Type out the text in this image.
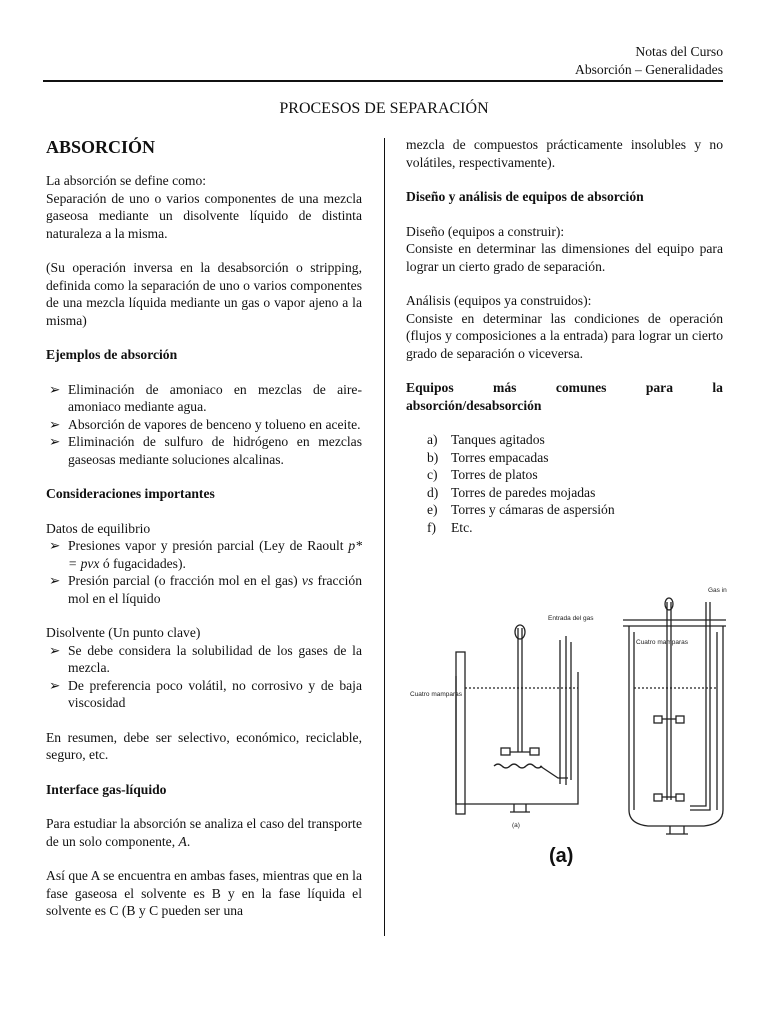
Notas del Curso
Absorción – Generalidades
PROCESOS DE SEPARACIÓN
ABSORCIÓN

La absorción se define como:

Separación de uno o varios componentes de una mezcla gaseosa mediante un disolvente líquido de distinta naturaleza a la misma.

(Su operación inversa en la desabsorción o stripping, definida como la separación de uno o varios componentes de una mezcla líquida mediante un gas o vapor ajeno a la misma)

Ejemplos de absorción

➢ Eliminación de amoniaco en mezclas de aire-amoniaco mediante agua.
➢ Absorción de vapores de benceno y tolueno en aceite.
➢ Eliminación de sulfuro de hidrógeno en mezclas gaseosas mediante soluciones alcalinas.

Consideraciones importantes

Datos de equilibrio

➢ Presiones vapor y presión parcial (Ley de Raoult p* = pvx ó fugacidades).
➢ Presión parcial (o fracción mol en el gas) vs fracción mol en el líquido

Disolvente (Un punto clave)

➢ Se debe considera la solubilidad de los gases de la mezcla.
➢ De preferencia poco volátil, no corrosivo y de baja viscosidad

En resumen, debe ser selectivo, económico, reciclable, seguro, etc.

Interface gas-líquido

Para estudiar la absorción se analiza el caso del transporte de un solo componente, A.

Así que A se encuentra en ambas fases, mientras que en la fase gaseosa el solvente es B y en la fase líquida el solvente es C (B y C pueden ser una

mezcla de compuestos prácticamente insolubles y no volátiles, respectivamente).

Diseño y análisis de equipos de absorción

Diseño (equipos a construir):

Consiste en determinar las dimensiones del equipo para lograr un cierto grado de separación.

Análisis (equipos ya construidos):

Consiste en determinar las condiciones de operación (flujos y composiciones a la entrada) para lograr un cierto grado de separación o viceversa.

Equipos	más	comunes	para	la

absorción/desabsorción

a) Tanques agitados
b) Torres empacadas
c) Torres de platos
d) Torres de paredes mojadas
e) Torres y cámaras de aspersión
f) Etc.
Entrada del gas
Cuatro mamparas
(a)
Gas in
Cuatro mamparas
(a)
